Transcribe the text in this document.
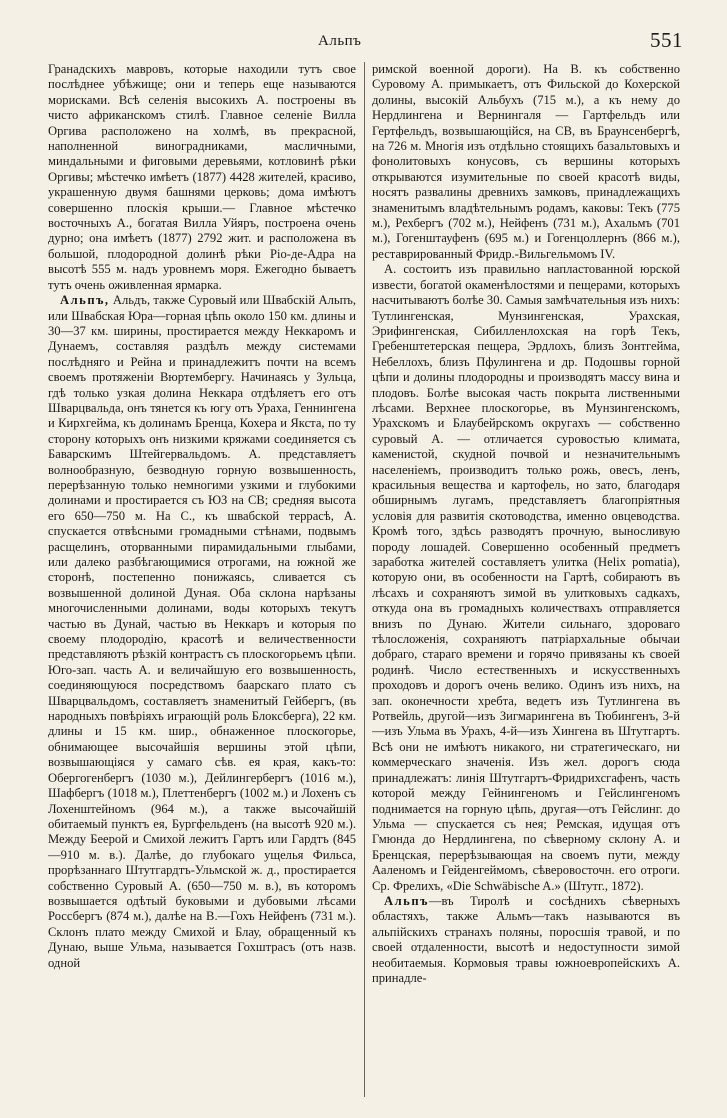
Альпъ	551

Гранадскихъ мавровъ, которые находили тутъ свое послѣднее убѣжище; они и теперь еще называются морисками. Всѣ селенія высокихъ А. построены въ чисто африканскомъ стилѣ. Главное селеніе Вилла Оргива расположено на холмѣ, въ прекрасной, наполненной виноградниками, масличными, миндальными и фиговыми деревьями, котловинѣ рѣки Оргивы; мѣстечко имѣетъ (1877) 4428 жителей, красиво, украшенную двумя башнями церковь; дома имѣютъ совершенно плоскія крыши.— Главное мѣстечко восточныхъ А., богатая Вилла Уйяръ, построена очень дурно; она имѣетъ (1877) 2792 жит. и расположена въ большой, плодородной долинѣ рѣки Ріо-де-Адра на высотѣ 555 м. надъ уровнемъ моря. Ежегодно бываетъ тутъ очень оживленная ярмарка.

Альпъ, Альдъ, также Суровый или Швабскій Альпъ, или Швабская Юра—горная цѣпь около 150 км. длины и 30—37 км. ширины, простирается между Неккаромъ и Дунаемъ, составляя раздѣлъ между системами послѣдняго и Рейна и принадлежитъ почти на всемъ своемъ протяженіи Вюртембергу. Начинаясь у Зульца, гдѣ только узкая долина Неккара отдѣляетъ его отъ Шварцвальда, онъ тянется къ югу отъ Ураха, Геннингена и Кирхгейма, къ долинамъ Бренца, Кохера и Якста, по ту сторону которыхъ онъ низкими кряжами соединяется съ Баварскимъ Штейгервальдомъ. А. представляетъ волнообразную, безводную горную возвышенность, перерѣзанную только немногими узкими и глубокими долинами и простирается съ ЮЗ на СВ; средняя высота его 650—750 м. На С., къ швабской террасѣ, А. спускается отвѣсными громадными стѣнами, подвымъ расщелинъ, оторванными пирамидальными глыбами, или далеко разбѣгающимися отрогами, на южной же сторонѣ, постепенно понижаясь, сливается съ возвышенной долиной Дуная. Оба склона нарѣзаны многочисленными долинами, воды которыхъ текутъ частью въ Дунай, частью въ Неккаръ и которыя по своему плодородію, красотѣ и величественности представляютъ рѣзкій контрастъ съ плоскогорьемъ цѣпи. Юго-зап. часть А. и величайшую его возвышенность, соединяющуюся посредствомъ баарскаго плато съ Шварцвальдомъ, составляетъ знаменитый Гейбергъ, (въ народныхъ повѣріяхъ играющій роль Блоксберга), 22 км. длины и 15 км. шир., обнаженное плоскогорье, обнимающее высочайшія вершины этой цѣпи, возвышающіяся у самаго сѣв. ея края, какъ-то: Обергогенбергъ (1030 м.), Дейлингербергъ (1016 м.), Шафбергъ (1018 м.), Плеттенбергъ (1002 м.) и Лохенъ съ Лохенштейномъ (964 м.), а также высочайшій обитаемый пунктъ ея, Бургфельденъ (на высотѣ 920 м.). Между Беерой и Смихой лежитъ Гартъ или Гардтъ (845—910 м. в.). Далѣе, до глубокаго ущелья Фильса, прорѣзаннаго Штутгардтъ-Ульмской ж. д., простирается собственно Суровый А. (650—750 м. в.), въ которомъ возвышается одѣтый буковыми и дубовыми лѣсами Россбергъ (874 м.), далѣе на В.—Гохъ Нейфенъ (731 м.). Склонъ плато между Смихой и Блау, обращенный къ Дунаю, выше Ульма, называется Гохштрасъ (отъ назв. одной

римской военной дороги). На В. къ собственно Суровому А. примыкаетъ, отъ Фильской до Кохерской долины, высокій Альбухъ (715 м.), а къ нему до Нердлингена и Вернингаля — Гартфельдъ или Гертфельдъ, возвышающійся, на СВ, въ Браунсенбергѣ, на 726 м. Многія изъ отдѣльно стоящихъ базальтовыхъ и фонолитовыхъ конусовъ, съ вершины которыхъ открываются изумительные по своей красотѣ виды, носятъ развалины древнихъ замковъ, принадлежащихъ знаменитымъ владѣтельнымъ родамъ, каковы: Текъ (775 м.), Рехбергъ (702 м.), Нейфенъ (731 м.), Ахальмъ (701 м.), Гогенштауфенъ (695 м.) и Гогенцоллернъ (866 м.), реставрированный Фридр.-Вильгельмомъ IV.

А. состоитъ изъ правильно напластованной юрской извести, богатой окаменѣлостями и пещерами, которыхъ насчитываютъ болѣе 30. Самыя замѣчательныя изъ нихъ: Тутлингенская, Мунзингенская, Урахская, Эрифингенская, Сибилленлохская на горѣ Текъ, Гребенштетерская пещера, Эрдлохъ, близъ Зонтгейма, Небеллохъ, близъ Пфулингена и др. Подошвы горной цѣпи и долины плодородны и производятъ массу вина и плодовъ. Болѣе высокая часть покрыта лиственными лѣсами. Верхнее плоскогорье, въ Мунзингенскомъ, Урахскомъ и Блаубейрскомъ округахъ — собственно суровый А. — отличается суровостью климата, каменистой, скудной почвой и незначительнымъ населеніемъ, производитъ только рожь, овесъ, ленъ, красильныя вещества и картофель, но зато, благодаря обширнымъ лугамъ, представляетъ благопріятныя условія для развитія скотоводства, именно овцеводства. Кромѣ того, здѣсь разводятъ прочную, выносливую породу лошадей. Совершенно особенный предметъ заработка жителей составляетъ улитка (Helix pomatia), которую они, въ особенности на Гартѣ, собираютъ въ лѣсахъ и сохраняютъ зимой въ улитковыхъ садкахъ, откуда она въ громадныхъ количествахъ отправляется внизъ по Дунаю. Жители сильнаго, здороваго тѣлосложенія, сохраняютъ патріархальные обычаи добраго, стараго времени и горячо привязаны къ своей родинѣ. Число естественныхъ и искусственныхъ проходовъ и дорогъ очень велико. Одинъ изъ нихъ, на зап. оконечности хребта, ведетъ изъ Тутлингена въ Ротвейль, другой—изъ Зигмарингена въ Тюбингенъ, 3-й—изъ Ульма въ Урахъ, 4-й—изъ Хингена въ Штутгартъ. Всѣ они не имѣютъ никакого, ни стратегическаго, ни коммерческаго значенія. Изъ жел. дорогъ сюда принадлежатъ: линія Штутгартъ-Фридрихсгафенъ, часть которой между Гейнингеномъ и Гейслингеномъ поднимается на горную цѣпь, другая—отъ Гейслинг. до Ульма — спускается съ нея; Ремская, идущая отъ Гмюнда до Нердлингена, по сѣверному склону А. и Бренцская, перерѣзывающая на своемъ пути, между Ааленомъ и Гейденгеймомъ, сѣверовосточн. его отроги. Ср. Фрелихъ, «Die Schwäbische A.» (Штутг., 1872).

Альпъ—въ Тиролѣ и сосѣднихъ сѣверныхъ областяхъ, также Альмъ—такъ называются въ альпійскихъ странахъ поляны, поросшія травой, и по своей отдаленности, высотѣ и недоступности зимой необитаемыя. Кормовыя травы южноевропейскихъ А. принадле-
